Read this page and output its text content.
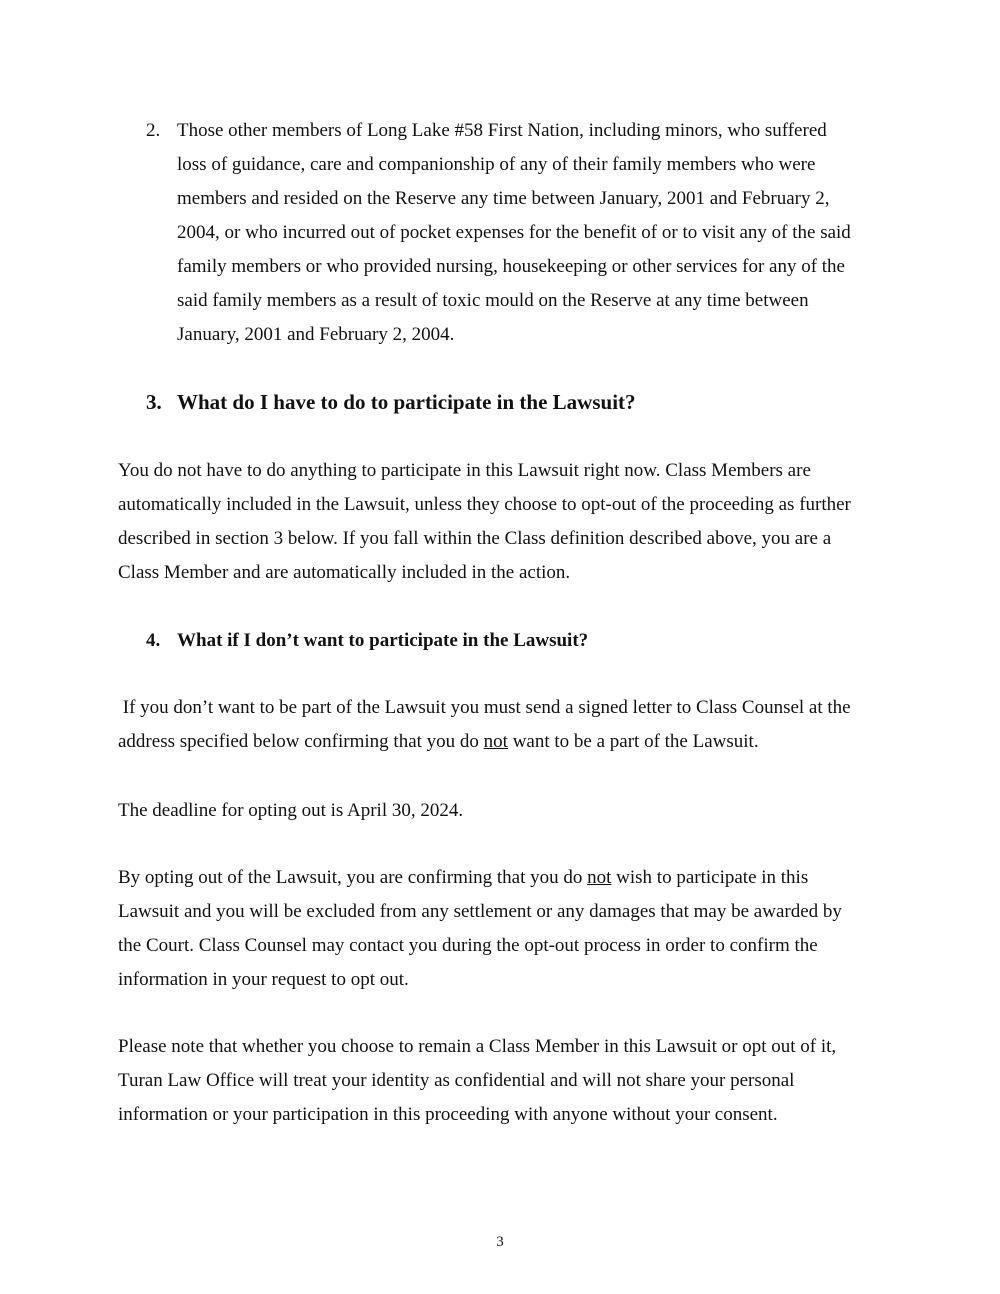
2. Those other members of Long Lake #58 First Nation, including minors, who suffered
loss of guidance, care and companionship of any of their family members who were
members and resided on the Reserve any time between January, 2001 and February 2,
2004, or who incurred out of pocket expenses for the benefit of or to visit any of the said
family members or who provided nursing, housekeeping or other services for any of the
said family members as a result of toxic mould on the Reserve at any time between
January, 2001 and February 2, 2004.
3. What do I have to do to participate in the Lawsuit?
You do not have to do anything to participate in this Lawsuit right now. Class Members are
automatically included in the Lawsuit, unless they choose to opt-out of the proceeding as further
described in section 3 below. If you fall within the Class definition described above, you are a
Class Member and are automatically included in the action.
4. What if I don’t want to participate in the Lawsuit?
If you don’t want to be part of the Lawsuit you must send a signed letter to Class Counsel at the
address specified below confirming that you do not want to be a part of the Lawsuit.
The deadline for opting out is April 30, 2024.
By opting out of the Lawsuit, you are confirming that you do not wish to participate in this
Lawsuit and you will be excluded from any settlement or any damages that may be awarded by
the Court. Class Counsel may contact you during the opt-out process in order to confirm the
information in your request to opt out.
Please note that whether you choose to remain a Class Member in this Lawsuit or opt out of it,
Turan Law Office will treat your identity as confidential and will not share your personal
information or your participation in this proceeding with anyone without your consent.
3
